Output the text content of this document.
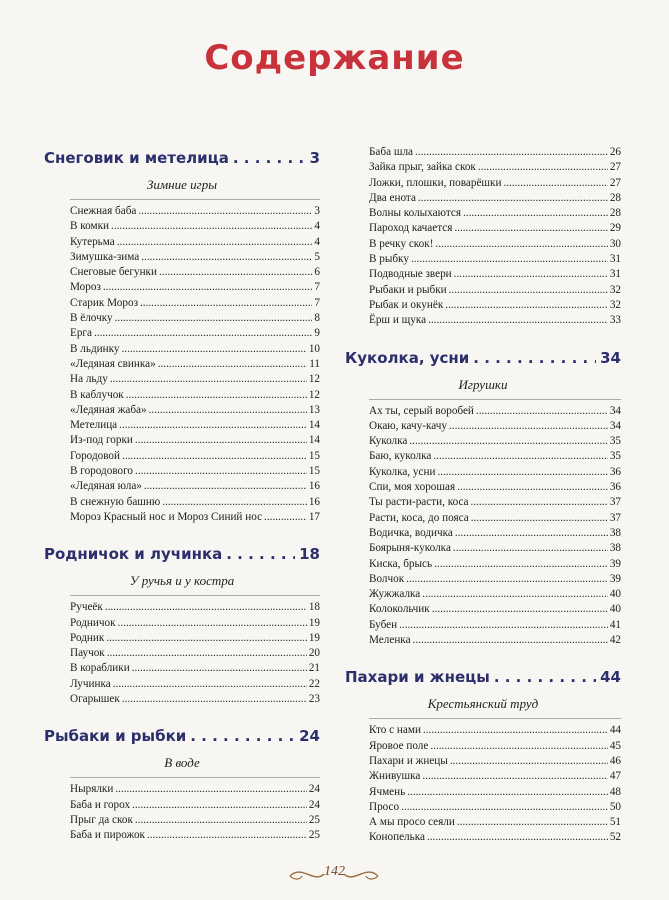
Содержание
Снеговик и метелица . . .	3
Зимние игры
Снежная баба .....	3
В комки .....	4
Кутерьма .....	4
Зимушка-зима .....	5
Снеговые бегунки .....	6
Мороз .....	7
Старик Мороз .....	7
В ёлочку .....	8
Ерга .....	9
В льдинку .....	10
«Ледяная свинка» .....	11
На льду .....	12
В каблучок .....	12
«Ледяная жаба» .....	13
Метелица .....	14
Из-под горки .....	14
Городовой .....	15
В городового .....	15
«Ледяная юла» .....	16
В снежную башню .....	16
Мороз Красный нос и Мороз Синий нос .....	17
Родничок и лучинка . . .	18
У ручья и у костра
Ручеёк .....	18
Родничок .....	19
Родник .....	19
Паучок .....	20
В кораблики .....	21
Лучинка .....	22
Огарышек .....	23
Рыбаки и рыбки . . .	24
В воде
Нырялки .....	24
Баба и горох .....	24
Прыг да скок .....	25
Баба и пирожок .....	25
Баба шла .....	26
Зайка прыг, зайка скок .....	27
Ложки, плошки, поварёшки .....	27
Два енота .....	28
Волны колыхаются .....	28
Пароход качается .....	29
В речку скок! .....	30
В рыбку .....	31
Подводные звери .....	31
Рыбаки и рыбки .....	32
Рыбак и окунёк .....	32
Ёрш и щука .....	33
Куколка, усни . . .	34
Игрушки
Ах ты, серый воробей .....	34
Окаю, качу-качу .....	34
Куколка .....	35
Баю, куколка .....	35
Куколка, усни .....	36
Спи, моя хорошая .....	36
Ты расти-расти, коса .....	37
Расти, коса, до пояса .....	37
Водичка, водичка .....	38
Боярыня-куколка .....	38
Киска, брысь .....	39
Волчок .....	39
Жужжалка .....	40
Колокольчик .....	40
Бубен .....	41
Меленка .....	42
Пахари и жнецы . . .	44
Крестьянский труд
Кто с нами .....	44
Яровое поле .....	45
Пахари и жнецы .....	46
Жнивушка .....	47
Ячмень .....	48
Просо .....	50
А мы просо сеяли .....	51
Конопелька .....	52
142
